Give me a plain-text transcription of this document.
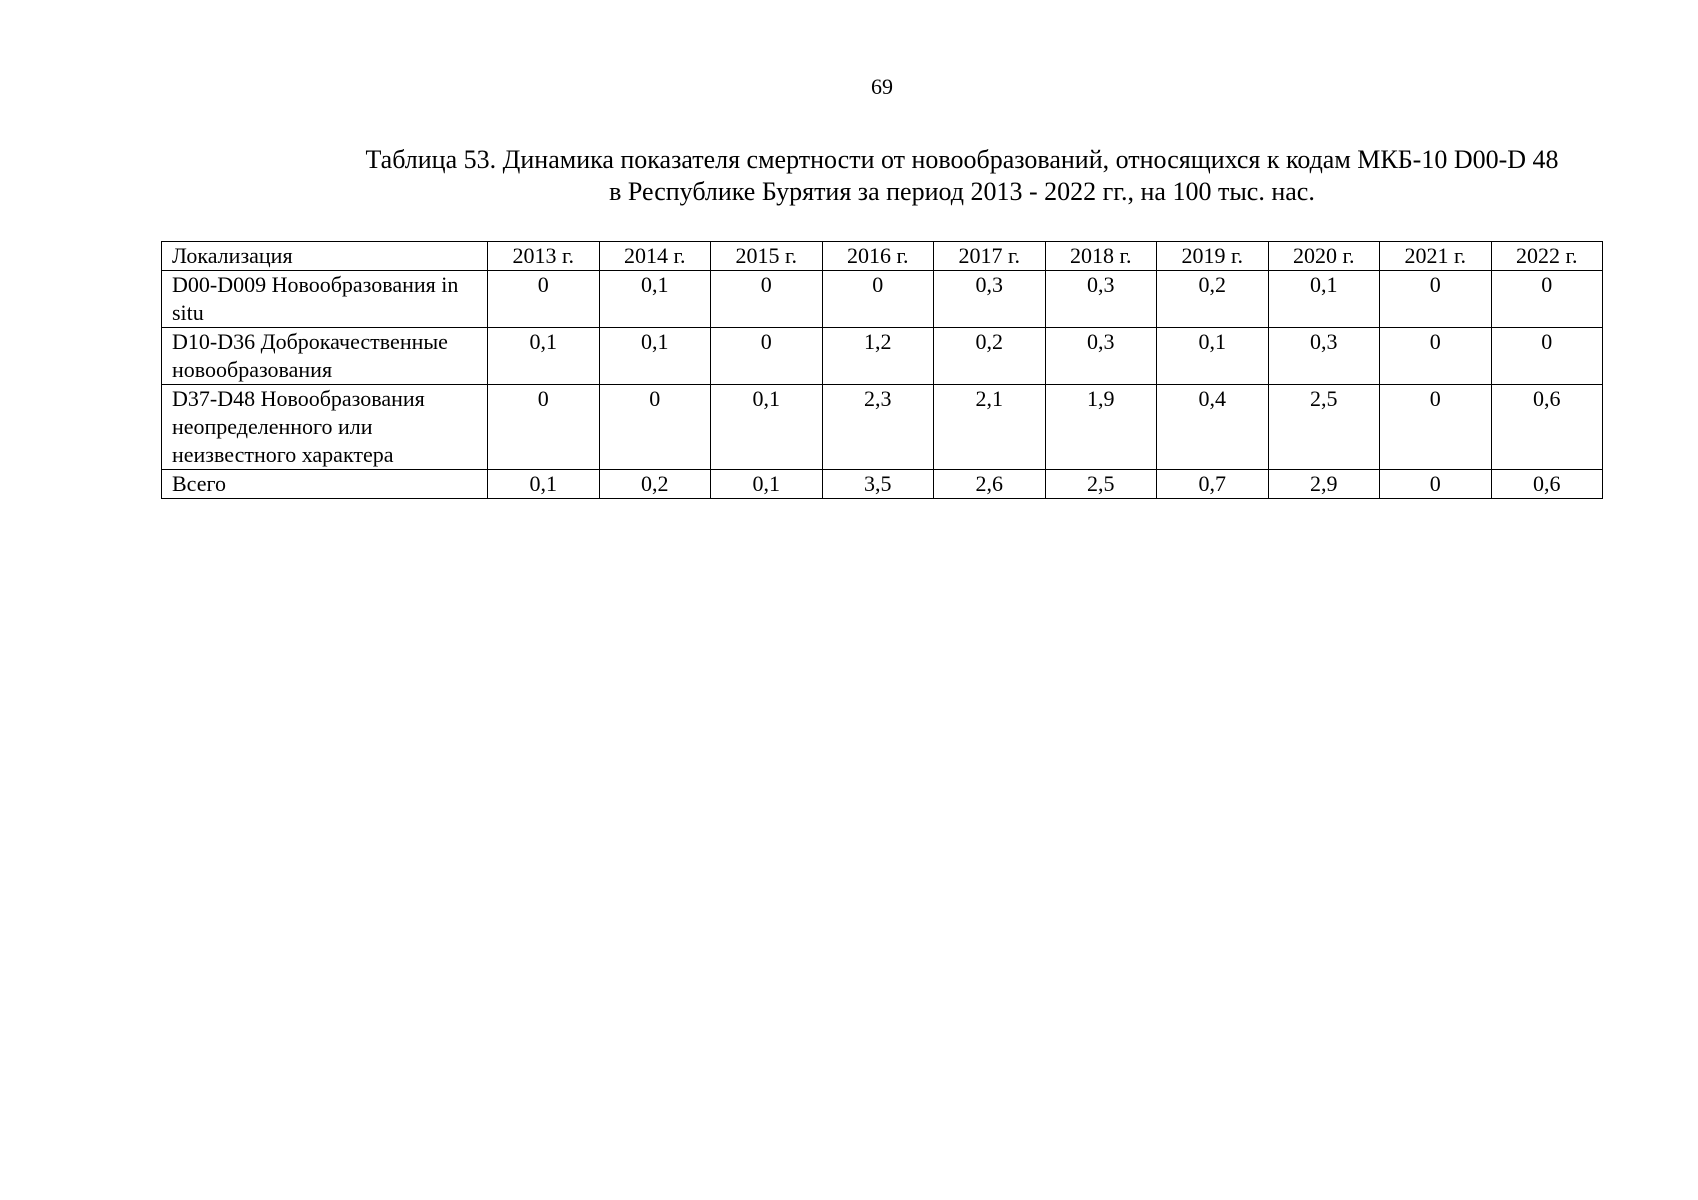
69
Таблица 53. Динамика показателя смертности от новообразований, относящихся к кодам МКБ-10 D00-D 48
в Республике Бурятия за период 2013 - 2022 гг., на 100 тыс. нас.
Локализация	2013 г.	2014 г.	2015 г.	2016 г.	2017 г.	2018 г.	2019 г.	2020 г.	2021 г.	2022 г.
D00-D009 Новообразования in situ	0	0,1	0	0	0,3	0,3	0,2	0,1	0	0
D10-D36 Доброкачественные новообразования	0,1	0,1	0	1,2	0,2	0,3	0,1	0,3	0	0
D37-D48 Новообразования неопределенного или неизвестного характера	0	0	0,1	2,3	2,1	1,9	0,4	2,5	0	0,6
Всего	0,1	0,2	0,1	3,5	2,6	2,5	0,7	2,9	0	0,6
